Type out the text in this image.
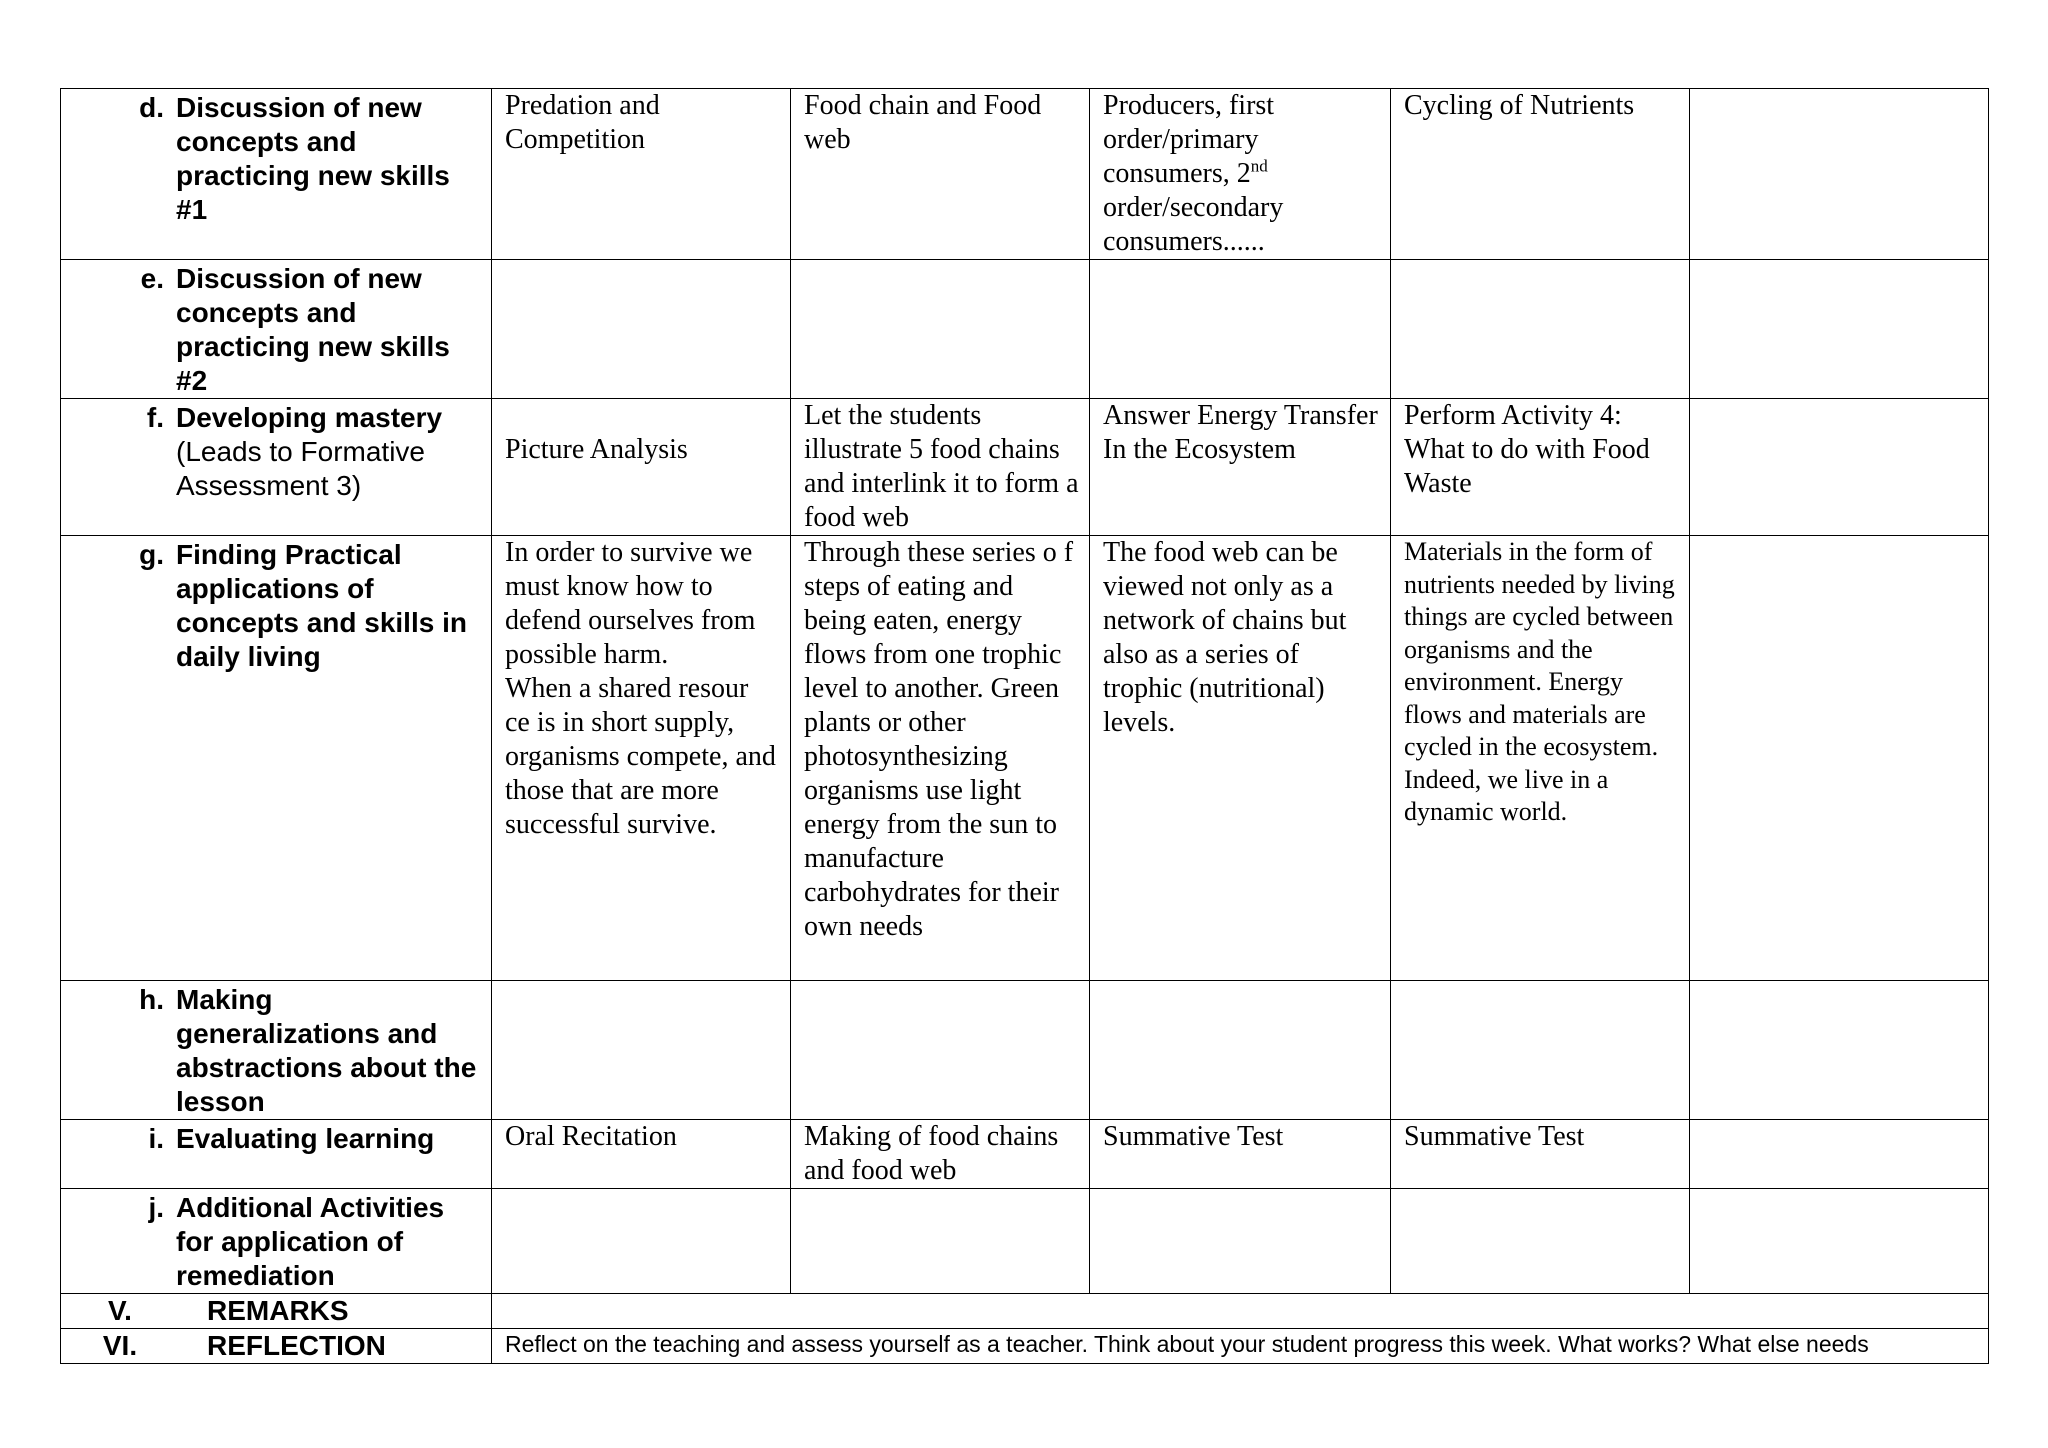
d. Discussion of new concepts and practicing new skills #1	Predation and Competition	Food chain and Food web	Producers, first order/primary consumers, 2nd order/secondary consumers......	Cycling of Nutrients	

e. Discussion of new concepts and practicing new skills #2					

f. Developing mastery
(Leads to Formative Assessment 3)	Picture Analysis	Let the students illustrate 5 food chains and interlink it to form a food web	Answer Energy Transfer In the Ecosystem	Perform Activity 4: What to do with Food Waste	

g. Finding Practical applications of concepts and skills in daily living	In order to survive we must know how to defend ourselves from possible harm.
When a shared resour ce is in short supply, organisms compete, and those that are more successful survive.	Through these series o f steps of eating and being eaten, energy flows from one trophic level to another. Green plants or other photosynthesizing organisms use light energy from the sun to manufacture carbohydrates for their own needs	The food web can be viewed not only as a network of chains but also as a series of trophic (nutritional) levels.	Materials in the form of nutrients needed by living things are cycled between organisms and the environment. Energy flows and materials are cycled in the ecosystem. Indeed, we live in a dynamic world.	

h. Making generalizations and abstractions about the lesson					

i. Evaluating learning	Oral Recitation	Making of food chains and food web	Summative Test	Summative Test	

j. Additional Activities for application of remediation					

V. REMARKS					

VI. REFLECTION	Reflect on the teaching and assess yourself as a teacher. Think about your student progress this week. What works? What else needs				
